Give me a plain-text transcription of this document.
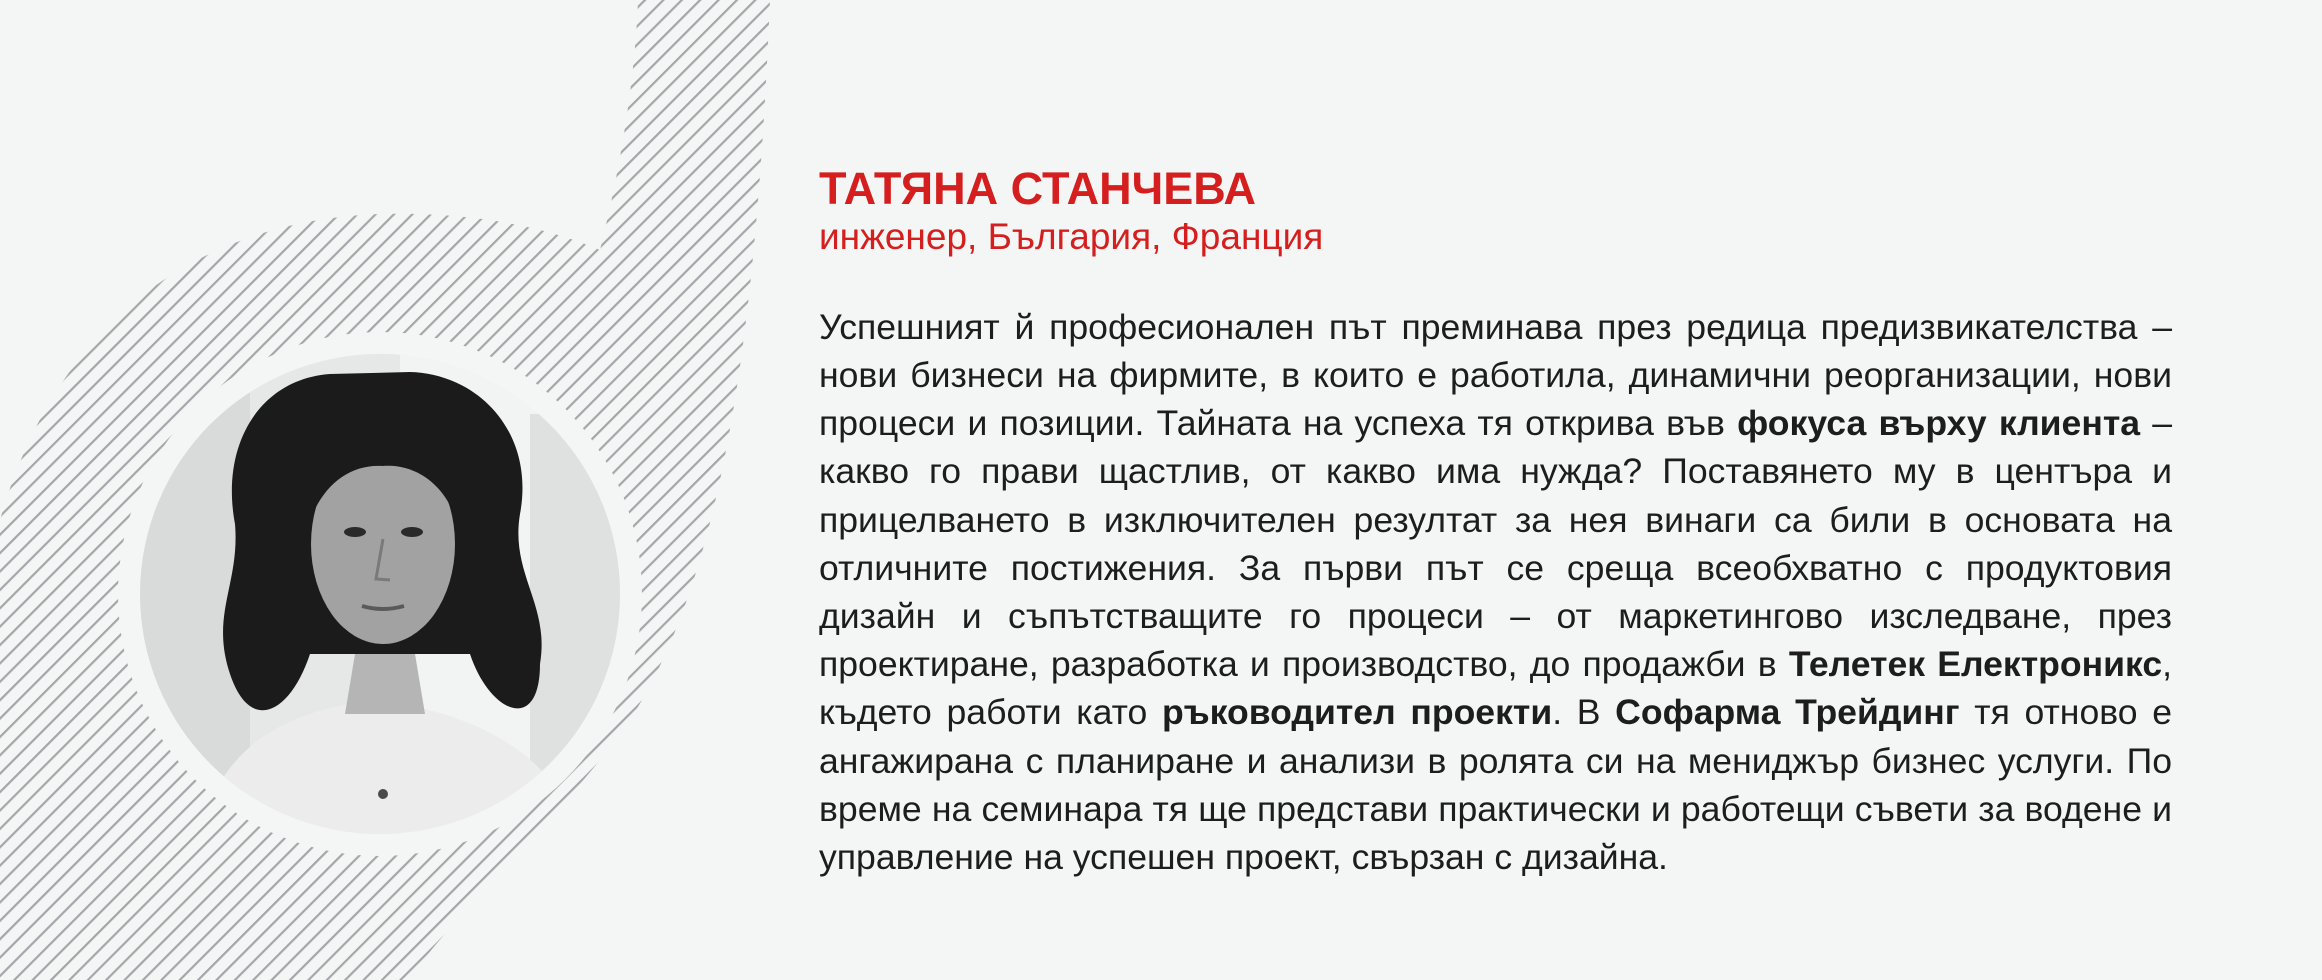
ТАТЯНА СТАНЧЕВА
инженер, България, Франция

Успешният й професионален път преминава през редица предизвикателства – нови бизнеси на фирмите, в които е работила, динамични реорганизации, нови процеси и позиции. Тайната на успеха тя открива във фокуса върху клиента – какво го прави щастлив, от какво има нужда? Поставянето му в центъра и прицелването в изключителен резултат за нея винаги са били в основата на отличните постижения. За първи път се среща всеобхватно с продуктовия дизайн и съпътстващите го процеси – от маркетингово изследване, през проектиране, разработка и производство, до продажби в Телетек Електроникс, където работи като ръководител проекти. В Софарма Трейдинг тя отново е ангажирана с планиране и анализи в ролята си на мениджър бизнес услуги. По време на семинара тя ще представи практически и работещи съвети за водене и управление на успешен проект, свързан с дизайна.
